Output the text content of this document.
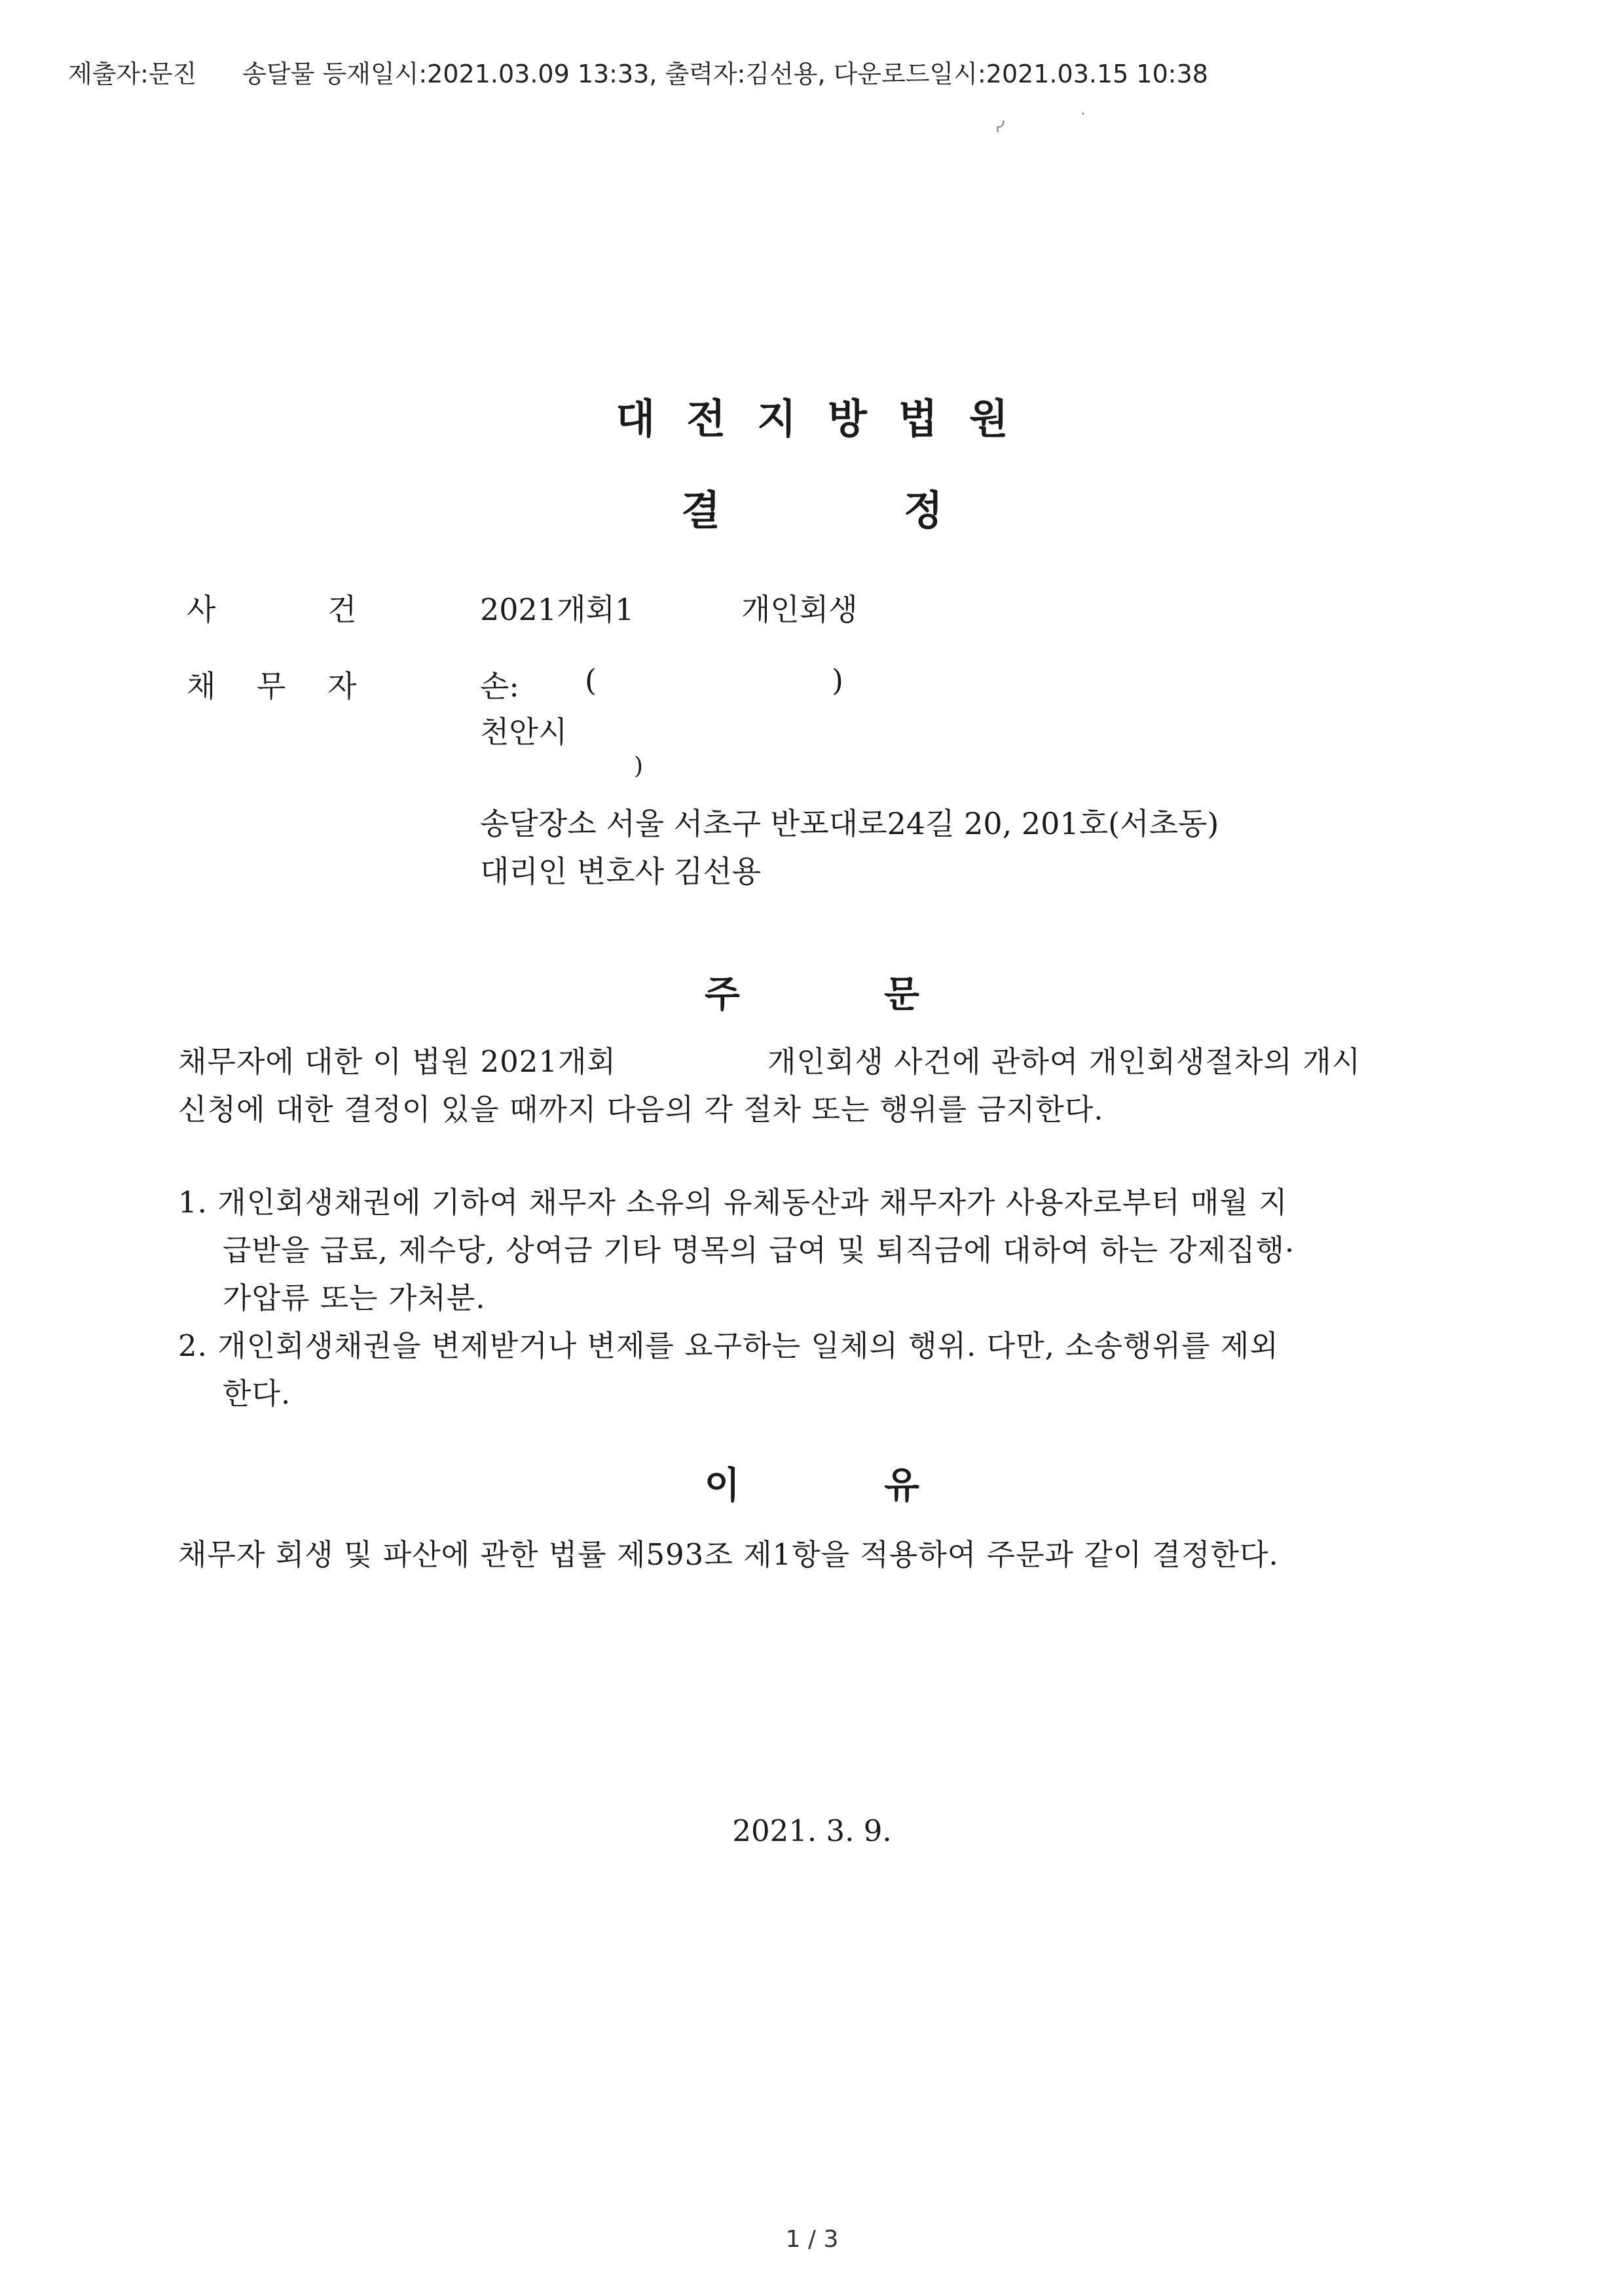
제출자:문진 송달물 등재일시:2021.03.09 13:33, 출력자:김선용, 다운로드일시:2021.03.15 10:38
ᓯ
·
대전지방법원
결정
사	건	2021개회1	개인회생
채 무 자	손: (	)
천안시
)
송달장소 서울 서초구 반포대로24길 20, 201호(서초동)
대리인 변호사 김선용
주문
채무자에 대한 이 법원 2021개회	개인회생 사건에 관하여 개인회생절차의 개시
신청에 대한 결정이 있을 때까지 다음의 각 절차 또는 행위를 금지한다.
1. 개인회생채권에 기하여 채무자 소유의 유체동산과 채무자가 사용자로부터 매월 지
급받을 급료, 제수당, 상여금 기타 명목의 급여 및 퇴직금에 대하여 하는 강제집행·
가압류 또는 가처분.
2. 개인회생채권을 변제받거나 변제를 요구하는 일체의 행위. 다만, 소송행위를 제외
한다.
이유
채무자 회생 및 파산에 관한 법률 제593조 제1항을 적용하여 주문과 같이 결정한다.
2021. 3. 9.
1 / 3
